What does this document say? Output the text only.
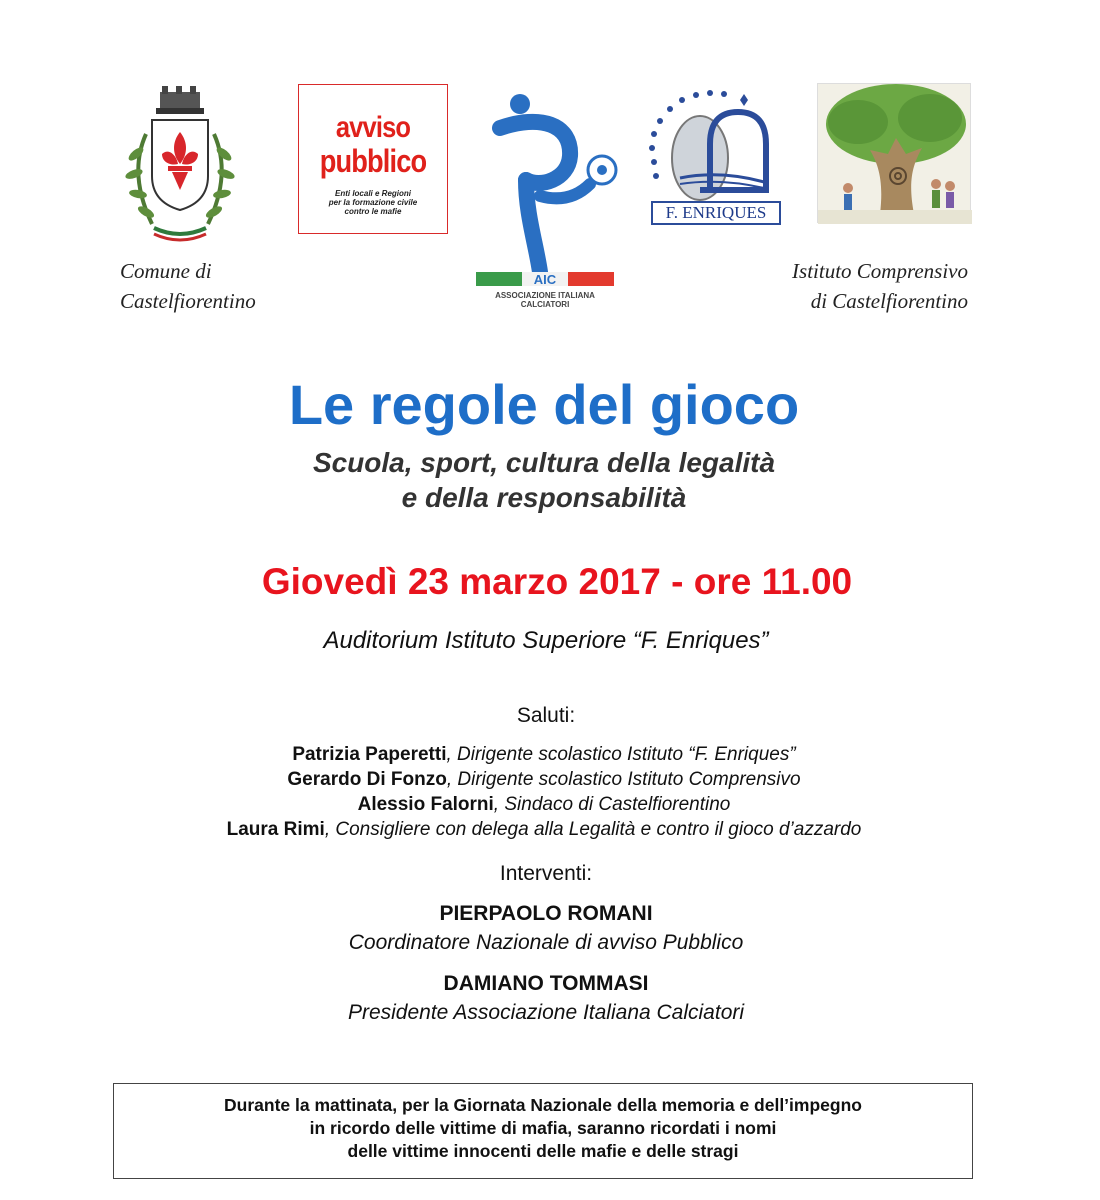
avviso
pubblico
Enti locali e Regioni
per la formazione civile
contro le mafie
AIC
ASSOCIAZIONE ITALIANA CALCIATORI
F. ENRIQUES
Comune di
Castelfiorentino
Istituto Comprensivo
di Castelfiorentino
Le regole del gioco
Scuola, sport, cultura della legalità
e della responsabilità
Giovedì 23 marzo 2017 - ore 11.00
Auditorium Istituto Superiore “F. Enriques”
Saluti:
Patrizia Paperetti, Dirigente scolastico Istituto “F. Enriques”
Gerardo Di Fonzo, Dirigente scolastico Istituto Comprensivo
Alessio Falorni, Sindaco di Castelfiorentino
Laura Rimi, Consigliere con delega alla Legalità e contro il gioco d’azzardo
Interventi:
PIERPAOLO ROMANI
Coordinatore Nazionale di avviso Pubblico
DAMIANO TOMMASI
Presidente Associazione Italiana Calciatori
Durante la mattinata, per la Giornata Nazionale della memoria e dell’impegno
in ricordo delle vittime di mafia, saranno ricordati i nomi
delle vittime innocenti delle mafie e delle stragi
